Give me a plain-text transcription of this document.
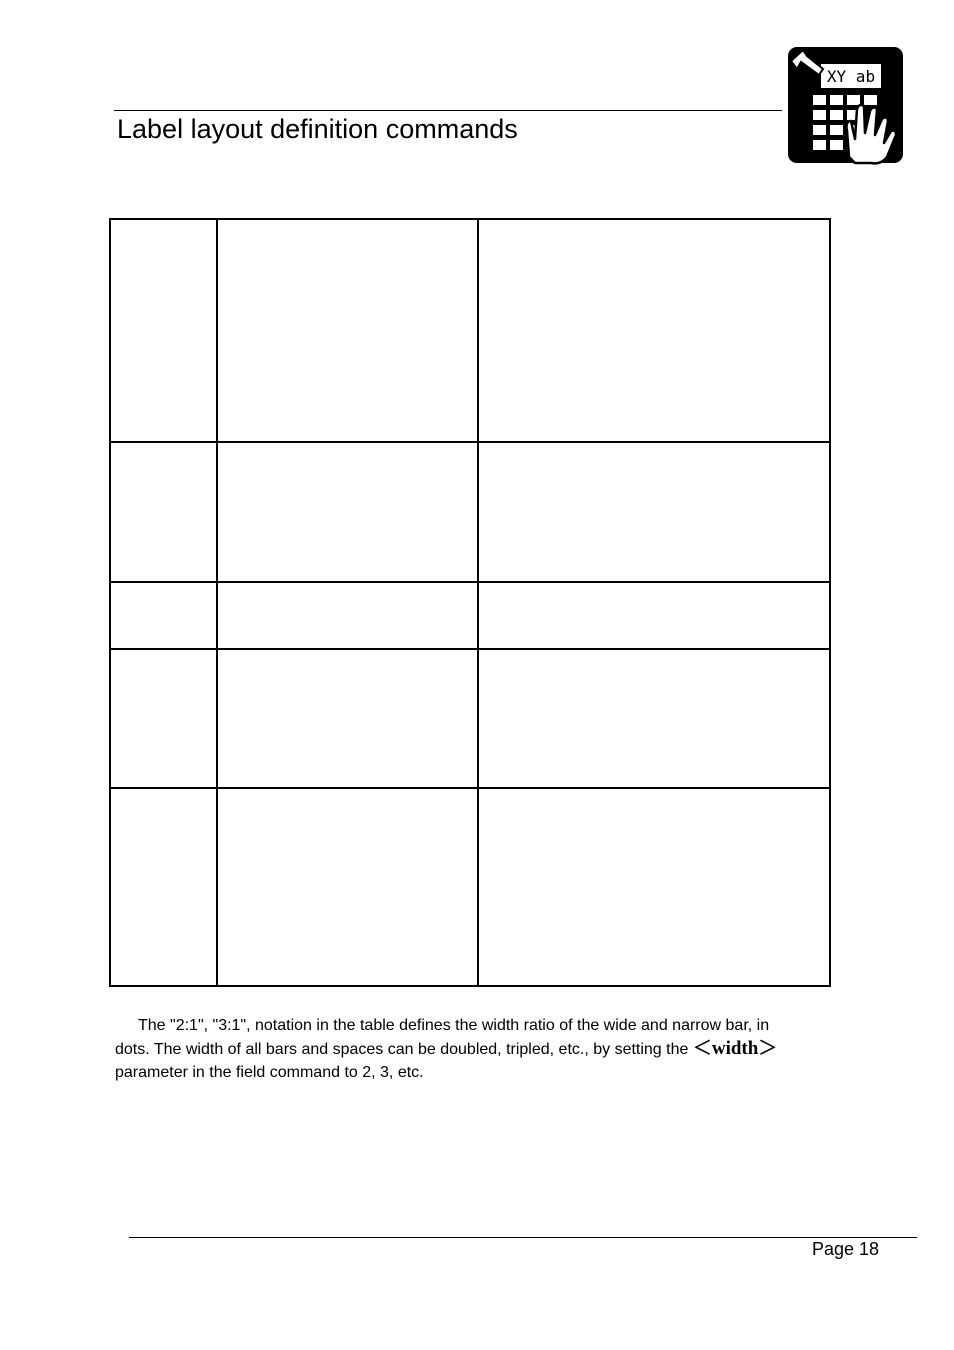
Label layout definition commands
XY ab

The "2:1", "3:1", notation in the table defines the width ratio of the wide and narrow bar, in
dots. The width of all bars and spaces can be doubled, tripled, etc., by setting the ＜width＞
parameter in the field command to 2, 3, etc.
Page 18
